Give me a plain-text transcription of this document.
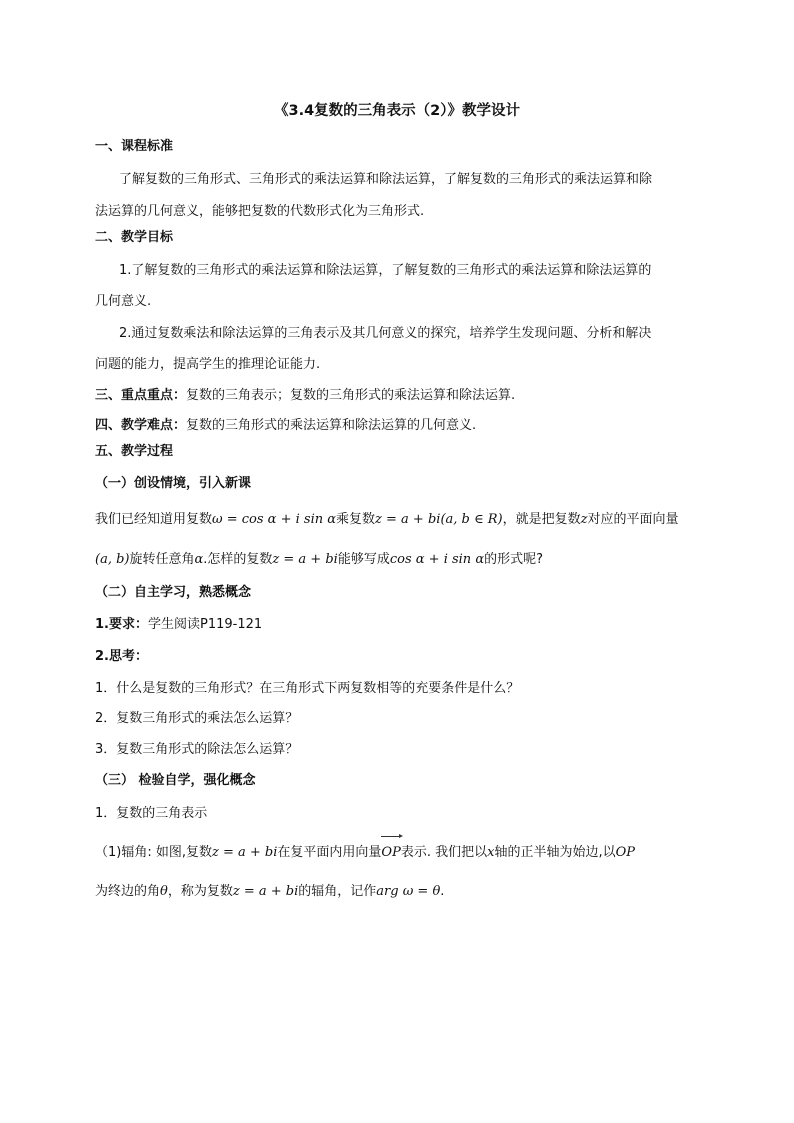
《3.4复数的三角表示（2）》教学设计
一、课程标准
了解复数的三角形式、三角形式的乘法运算和除法运算，了解复数的三角形式的乘法运算和除
法运算的几何意义，能够把复数的代数形式化为三角形式.
二、教学目标
1.了解复数的三角形式的乘法运算和除法运算，了解复数的三角形式的乘法运算和除法运算的
几何意义.
2.通过复数乘法和除法运算的三角表示及其几何意义的探究，培养学生发现问题、分析和解决
问题的能力，提高学生的推理论证能力.
三、重点重点：复数的三角表示；复数的三角形式的乘法运算和除法运算.
四、教学难点：复数的三角形式的乘法运算和除法运算的几何意义.
五、教学过程
（一）创设情境，引入新课
我们已经知道用复数ω = cos α + i sin α乘复数z = a + bi(a, b ∈ R)，就是把复数z对应的平面向量
(a, b)旋转任意角α.怎样的复数z = a + bi能够写成cos α + i sin α的形式呢?
（二）自主学习，熟悉概念
1.要求：学生阅读P119-121
2.思考：
1．什么是复数的三角形式？在三角形式下两复数相等的充要条件是什么？
2．复数三角形式的乘法怎么运算？
3．复数三角形式的除法怎么运算？
（三） 检验自学，强化概念
1．复数的三角表示
（1)辐角: 如图,复数z = a + bi在复平面内用向量
OP表示. 我们把以x轴的正半轴为始边,以OP
为终边的角θ，称为复数z = a + bi的辐角，记作arg ω = θ.
